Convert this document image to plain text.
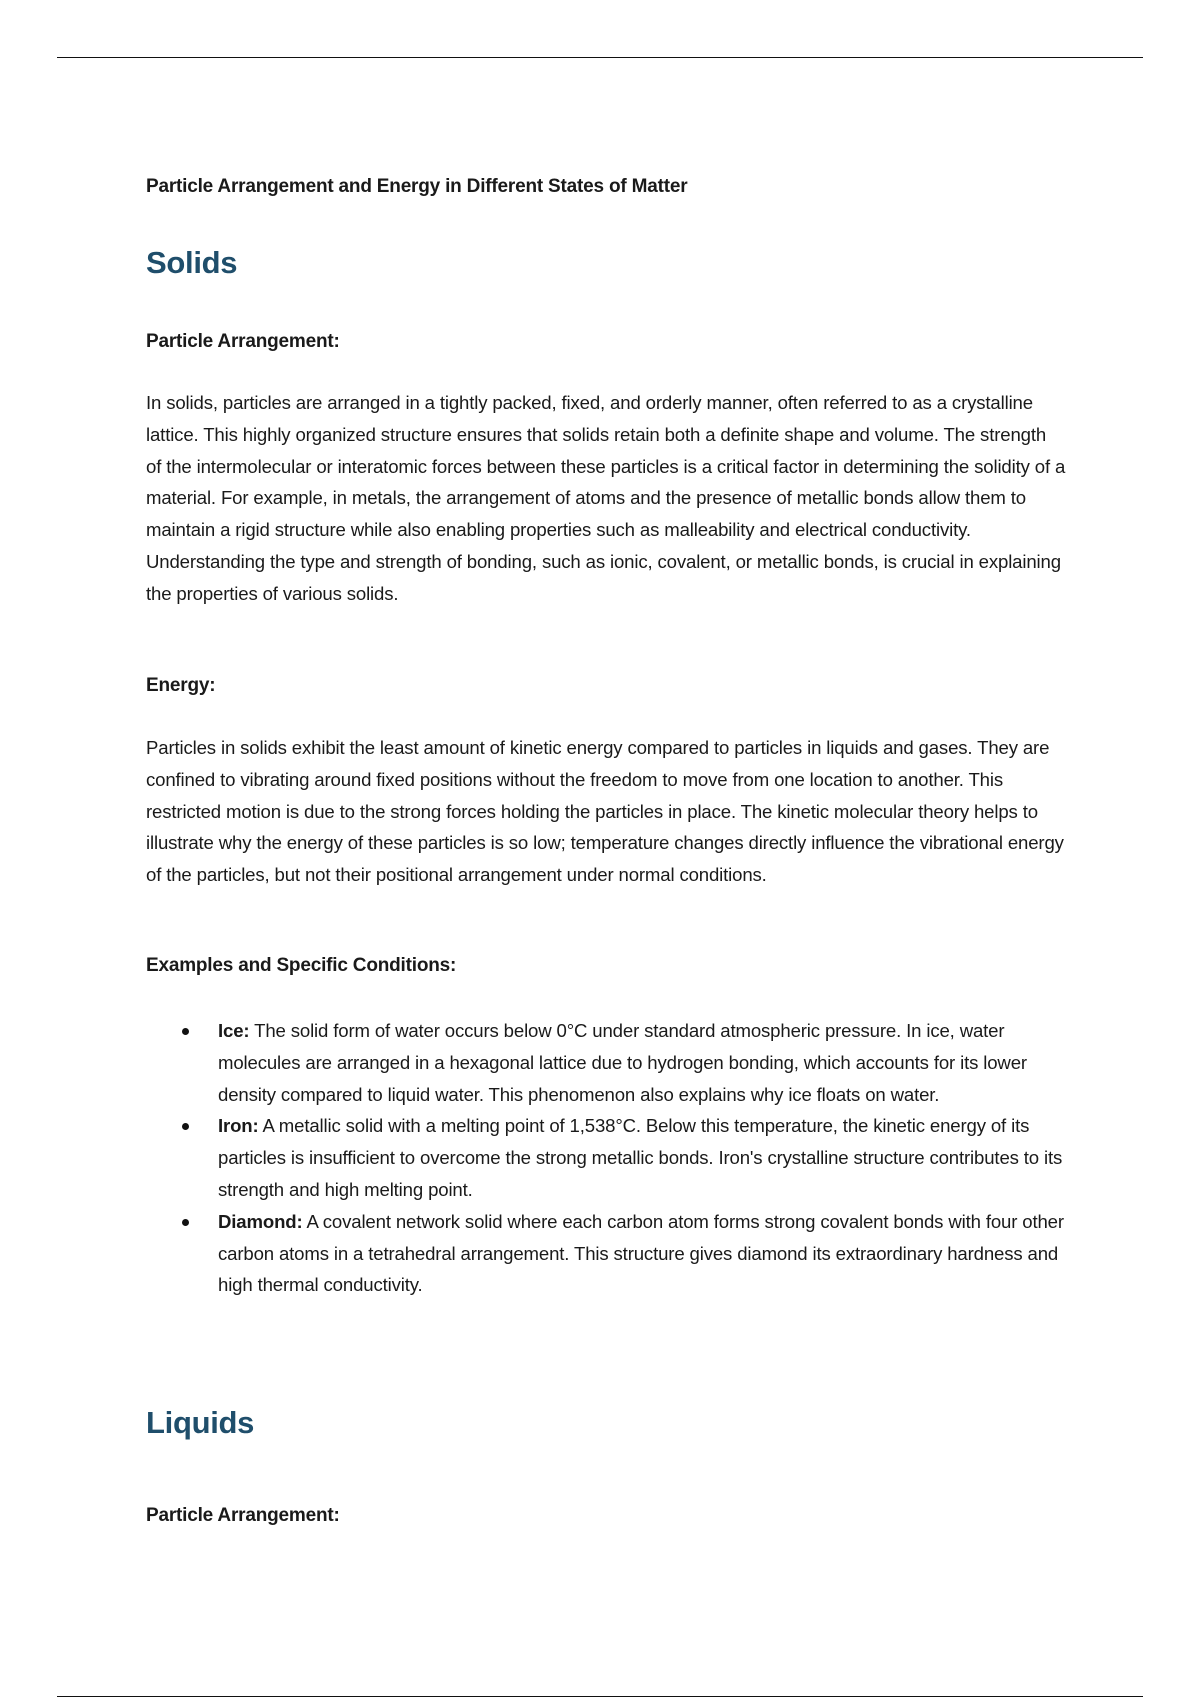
Particle Arrangement and Energy in Different States of Matter

Solids

Particle Arrangement:

In solids, particles are arranged in a tightly packed, fixed, and orderly manner, often referred to as a crystalline lattice. This highly organized structure ensures that solids retain both a definite shape and volume. The strength of the intermolecular or interatomic forces between these particles is a critical factor in determining the solidity of a material. For example, in metals, the arrangement of atoms and the presence of metallic bonds allow them to maintain a rigid structure while also enabling properties such as malleability and electrical conductivity. Understanding the type and strength of bonding, such as ionic, covalent, or metallic bonds, is crucial in explaining the properties of various solids.

Energy:

Particles in solids exhibit the least amount of kinetic energy compared to particles in liquids and gases. They are confined to vibrating around fixed positions without the freedom to move from one location to another. This restricted motion is due to the strong forces holding the particles in place. The kinetic molecular theory helps to illustrate why the energy of these particles is so low; temperature changes directly influence the vibrational energy of the particles, but not their positional arrangement under normal conditions.

Examples and Specific Conditions:

Ice: The solid form of water occurs below 0°C under standard atmospheric pressure. In ice, water molecules are arranged in a hexagonal lattice due to hydrogen bonding, which accounts for its lower density compared to liquid water. This phenomenon also explains why ice floats on water.
Iron: A metallic solid with a melting point of 1,538°C. Below this temperature, the kinetic energy of its particles is insufficient to overcome the strong metallic bonds. Iron's crystalline structure contributes to its strength and high melting point.
Diamond: A covalent network solid where each carbon atom forms strong covalent bonds with four other carbon atoms in a tetrahedral arrangement. This structure gives diamond its extraordinary hardness and high thermal conductivity.
Liquids

Particle Arrangement:
